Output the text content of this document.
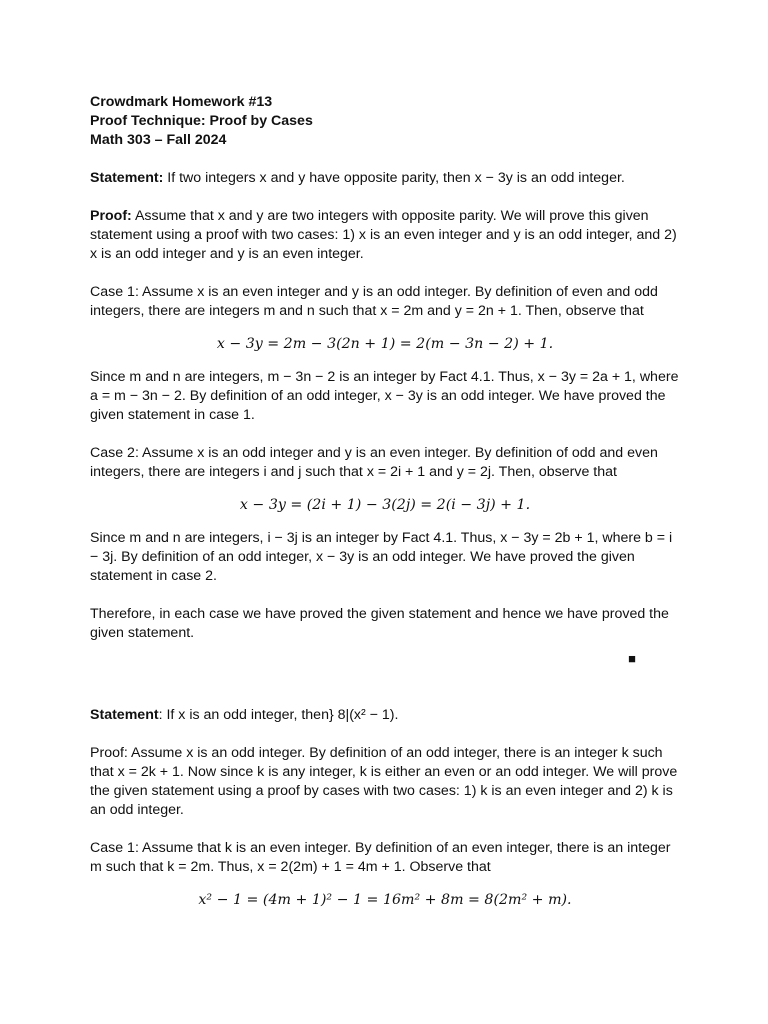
Crowdmark Homework #13

Proof Technique: Proof by Cases

Math 303 – Fall 2024

Statement: If two integers x and y have opposite parity, then x − 3y is an odd integer.

Proof: Assume that x and y are two integers with opposite parity. We will prove this given statement using a proof with two cases: 1) x is an even integer and y is an odd integer, and 2) x is an odd integer and y is an even integer.

Case 1: Assume x is an even integer and y is an odd integer. By definition of even and odd integers, there are integers m and n such that x = 2m and y = 2n + 1. Then, observe that

x − 3y = 2m − 3(2n + 1) = 2(m − 3n − 2) + 1.

Since m and n are integers, m − 3n − 2 is an integer by Fact 4.1. Thus, x − 3y = 2a + 1, where a = m − 3n − 2. By definition of an odd integer, x − 3y is an odd integer. We have proved the given statement in case 1.

Case 2: Assume x is an odd integer and y is an even integer. By definition of odd and even integers, there are integers i and j such that x = 2i + 1 and y = 2j. Then, observe that

x − 3y = (2i + 1) − 3(2j) = 2(i − 3j) + 1.

Since m and n are integers, i − 3j is an integer by Fact 4.1. Thus, x − 3y = 2b + 1, where b = i − 3j. By definition of an odd integer, x − 3y is an odd integer. We have proved the given statement in case 2.

Therefore, in each case we have proved the given statement and hence we have proved the given statement.

■

Statement: If x is an odd integer, then} 8|(x² − 1).

Proof: Assume x is an odd integer. By definition of an odd integer, there is an integer k such that x = 2k + 1. Now since k is any integer, k is either an even or an odd integer. We will prove the given statement using a proof by cases with two cases: 1) k is an even integer and 2) k is an odd integer.

Case 1: Assume that k is an even integer. By definition of an even integer, there is an integer m such that k = 2m. Thus, x = 2(2m) + 1 = 4m + 1. Observe that

x² − 1 = (4m + 1)² − 1 = 16m² + 8m = 8(2m² + m).
